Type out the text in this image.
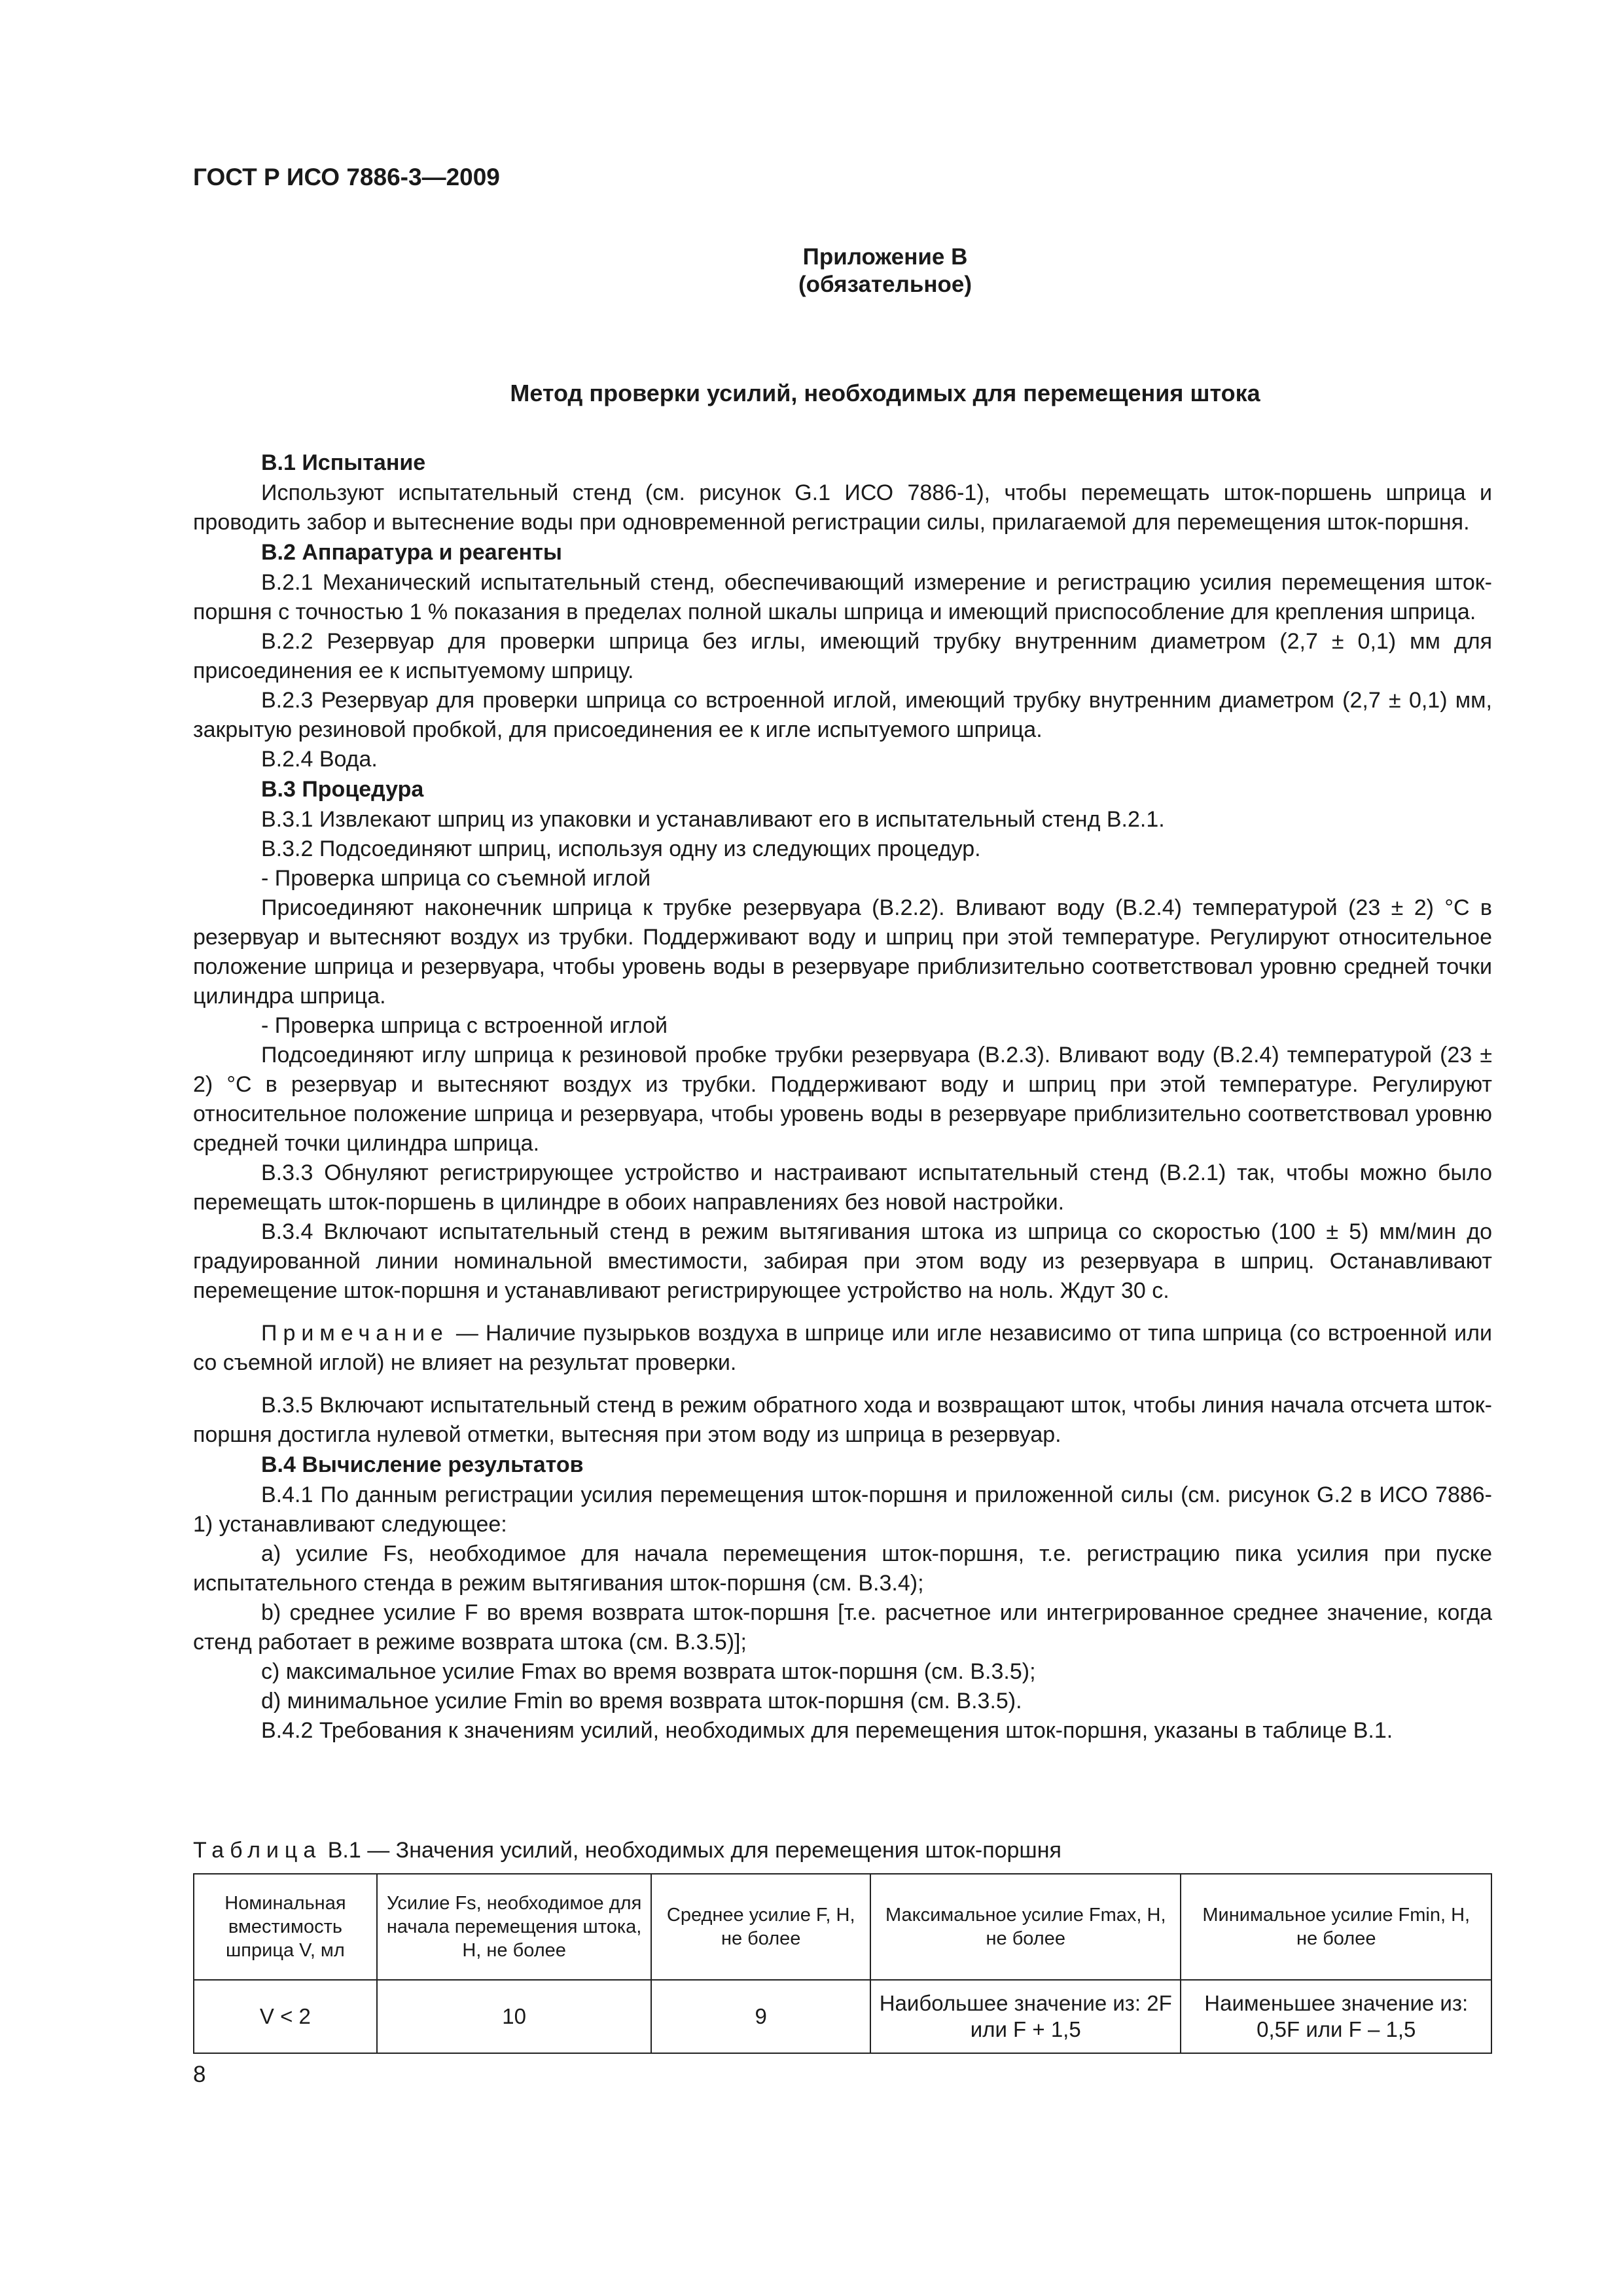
ГОСТ Р ИСО 7886-3—2009
Приложение В
(обязательное)
Метод проверки усилий, необходимых для перемещения штока
В.1 Испытание

Используют испытательный стенд (см. рисунок G.1 ИСО 7886-1), чтобы перемещать шток-поршень шприца и проводить забор и вытеснение воды при одновременной регистрации силы, прилагаемой для перемещения шток-поршня.

В.2 Аппаратура и реагенты

В.2.1 Механический испытательный стенд, обеспечивающий измерение и регистрацию усилия перемещения шток-поршня с точностью 1 % показания в пределах полной шкалы шприца и имеющий приспособление для крепления шприца.

В.2.2 Резервуар для проверки шприца без иглы, имеющий трубку внутренним диаметром (2,7 ± 0,1) мм для присоединения ее к испытуемому шприцу.

В.2.3 Резервуар для проверки шприца со встроенной иглой, имеющий трубку внутренним диаметром (2,7 ± 0,1) мм, закрытую резиновой пробкой, для присоединения ее к игле испытуемого шприца.

В.2.4 Вода.

В.3 Процедура

В.3.1 Извлекают шприц из упаковки и устанавливают его в испытательный стенд В.2.1.

В.3.2 Подсоединяют шприц, используя одну из следующих процедур.

- Проверка шприца со съемной иглой

Присоединяют наконечник шприца к трубке резервуара (В.2.2). Вливают воду (В.2.4) температурой (23 ± 2) °С в резервуар и вытесняют воздух из трубки. Поддерживают воду и шприц при этой температуре. Регулируют относительное положение шприца и резервуара, чтобы уровень воды в резервуаре приблизительно соответствовал уровню средней точки цилиндра шприца.

- Проверка шприца с встроенной иглой

Подсоединяют иглу шприца к резиновой пробке трубки резервуара (В.2.3). Вливают воду (В.2.4) температурой (23 ± 2) °С в резервуар и вытесняют воздух из трубки. Поддерживают воду и шприц при этой температуре. Регулируют относительное положение шприца и резервуара, чтобы уровень воды в резервуаре приблизительно соответствовал уровню средней точки цилиндра шприца.

В.3.3 Обнуляют регистрирующее устройство и настраивают испытательный стенд (В.2.1) так, чтобы можно было перемещать шток-поршень в цилиндре в обоих направлениях без новой настройки.

В.3.4 Включают испытательный стенд в режим вытягивания штока из шприца со скоростью (100 ± 5) мм/мин до градуированной линии номинальной вместимости, забирая при этом воду из резервуара в шприц. Останавливают перемещение шток-поршня и устанавливают регистрирующее устройство на ноль. Ждут 30 с.

Примечание — Наличие пузырьков воздуха в шприце или игле независимо от типа шприца (со встроенной или со съемной иглой) не влияет на результат проверки.

В.3.5 Включают испытательный стенд в режим обратного хода и возвращают шток, чтобы линия начала отсчета шток-поршня достигла нулевой отметки, вытесняя при этом воду из шприца в резервуар.

В.4 Вычисление результатов

В.4.1 По данным регистрации усилия перемещения шток-поршня и приложенной силы (см. рисунок G.2 в ИСО 7886-1) устанавливают следующее:

a) усилие Fs, необходимое для начала перемещения шток-поршня, т.е. регистрацию пика усилия при пуске испытательного стенда в режим вытягивания шток-поршня (см. В.3.4);

b) среднее усилие F во время возврата шток-поршня [т.е. расчетное или интегрированное среднее значение, когда стенд работает в режиме возврата штока (см. В.3.5)];

c) максимальное усилие Fmax во время возврата шток-поршня (см. В.3.5);

d) минимальное усилие Fmin во время возврата шток-поршня (см. В.3.5).

В.4.2 Требования к значениям усилий, необходимых для перемещения шток-поршня, указаны в таблице В.1.

Таблица В.1 — Значения усилий, необходимых для перемещения шток-поршня
Номинальная вместимость шприца V, мл	Усилие Fs, необходимое для начала перемещения штока, Н, не более	Среднее усилие F, Н, не более	Максимальное усилие Fmax, Н, не более	Минимальное усилие Fmin, Н, не более
V < 2	10	9	Наибольшее значение из: 2F или F + 1,5	Наименьшее значение из: 0,5F или F – 1,5
8
